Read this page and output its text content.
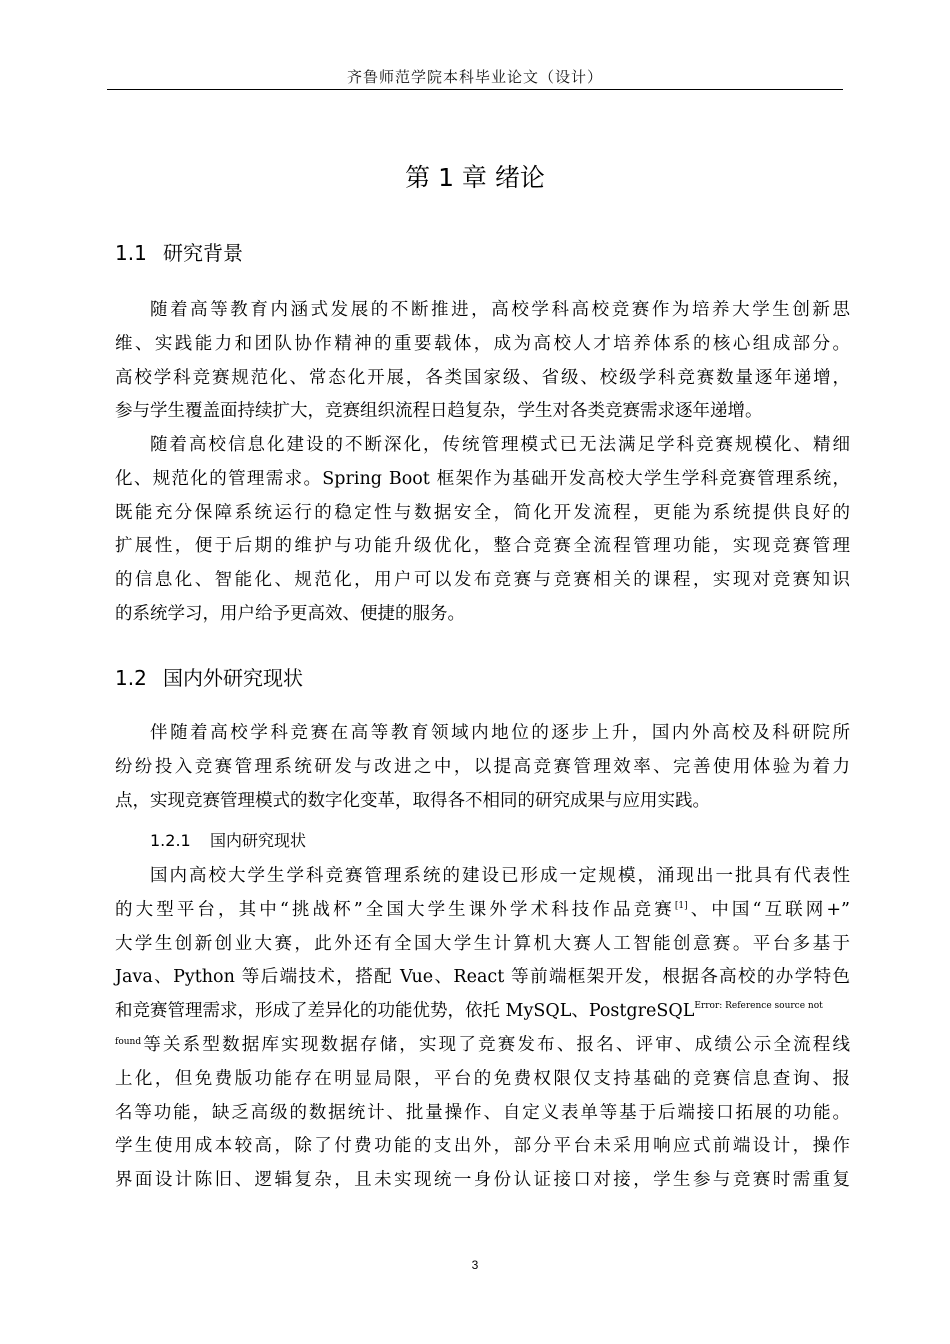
齐鲁师范学院本科毕业论文（设计）
第 1 章 绪论
1.1 研究背景
随着高等教育内涵式发展的不断推进，高校学科高校竞赛作为培养大学生创新思
维、实践能力和团队协作精神的重要载体，成为高校人才培养体系的核心组成部分。
高校学科竞赛规范化、常态化开展，各类国家级、省级、校级学科竞赛数量逐年递增，
参与学生覆盖面持续扩大，竞赛组织流程日趋复杂，学生对各类竞赛需求逐年递增。
随着高校信息化建设的不断深化，传统管理模式已无法满足学科竞赛规模化、精细
化、规范化的管理需求。Spring Boot 框架作为基础开发高校大学生学科竞赛管理系统，
既能充分保障系统运行的稳定性与数据安全，简化开发流程，更能为系统提供良好的
扩展性，便于后期的维护与功能升级优化，整合竞赛全流程管理功能，实现竞赛管理
的信息化、智能化、规范化，用户可以发布竞赛与竞赛相关的课程，实现对竞赛知识
的系统学习，用户给予更高效、便捷的服务。
1.2 国内外研究现状
伴随着高校学科竞赛在高等教育领域内地位的逐步上升，国内外高校及科研院所
纷纷投入竞赛管理系统研发与改进之中，以提高竞赛管理效率、完善使用体验为着力
点，实现竞赛管理模式的数字化变革，取得各不相同的研究成果与应用实践。
1.2.1 国内研究现状
国内高校大学生学科竞赛管理系统的建设已形成一定规模，涌现出一批具有代表性
的大型平台，其中“挑战杯”全国大学生课外学术科技作品竞赛[1]、中国“互联网+”
大学生创新创业大赛，此外还有全国大学生计算机大赛人工智能创意赛。平台多基于
Java、Python 等后端技术，搭配 Vue、React 等前端框架开发，根据各高校的办学特色
和竞赛管理需求，形成了差异化的功能优势，依托 MySQL、PostgreSQL$^{Error: Reference source not}$
$^{found}$等关系型数据库实现数据存储，实现了竞赛发布、报名、评审、成绩公示全流程线
上化，但免费版功能存在明显局限，平台的免费权限仅支持基础的竞赛信息查询、报
名等功能，缺乏高级的数据统计、批量操作、自定义表单等基于后端接口拓展的功能。
学生使用成本较高，除了付费功能的支出外，部分平台未采用响应式前端设计，操作
界面设计陈旧、逻辑复杂，且未实现统一身份认证接口对接，学生参与竞赛时需重复
3
